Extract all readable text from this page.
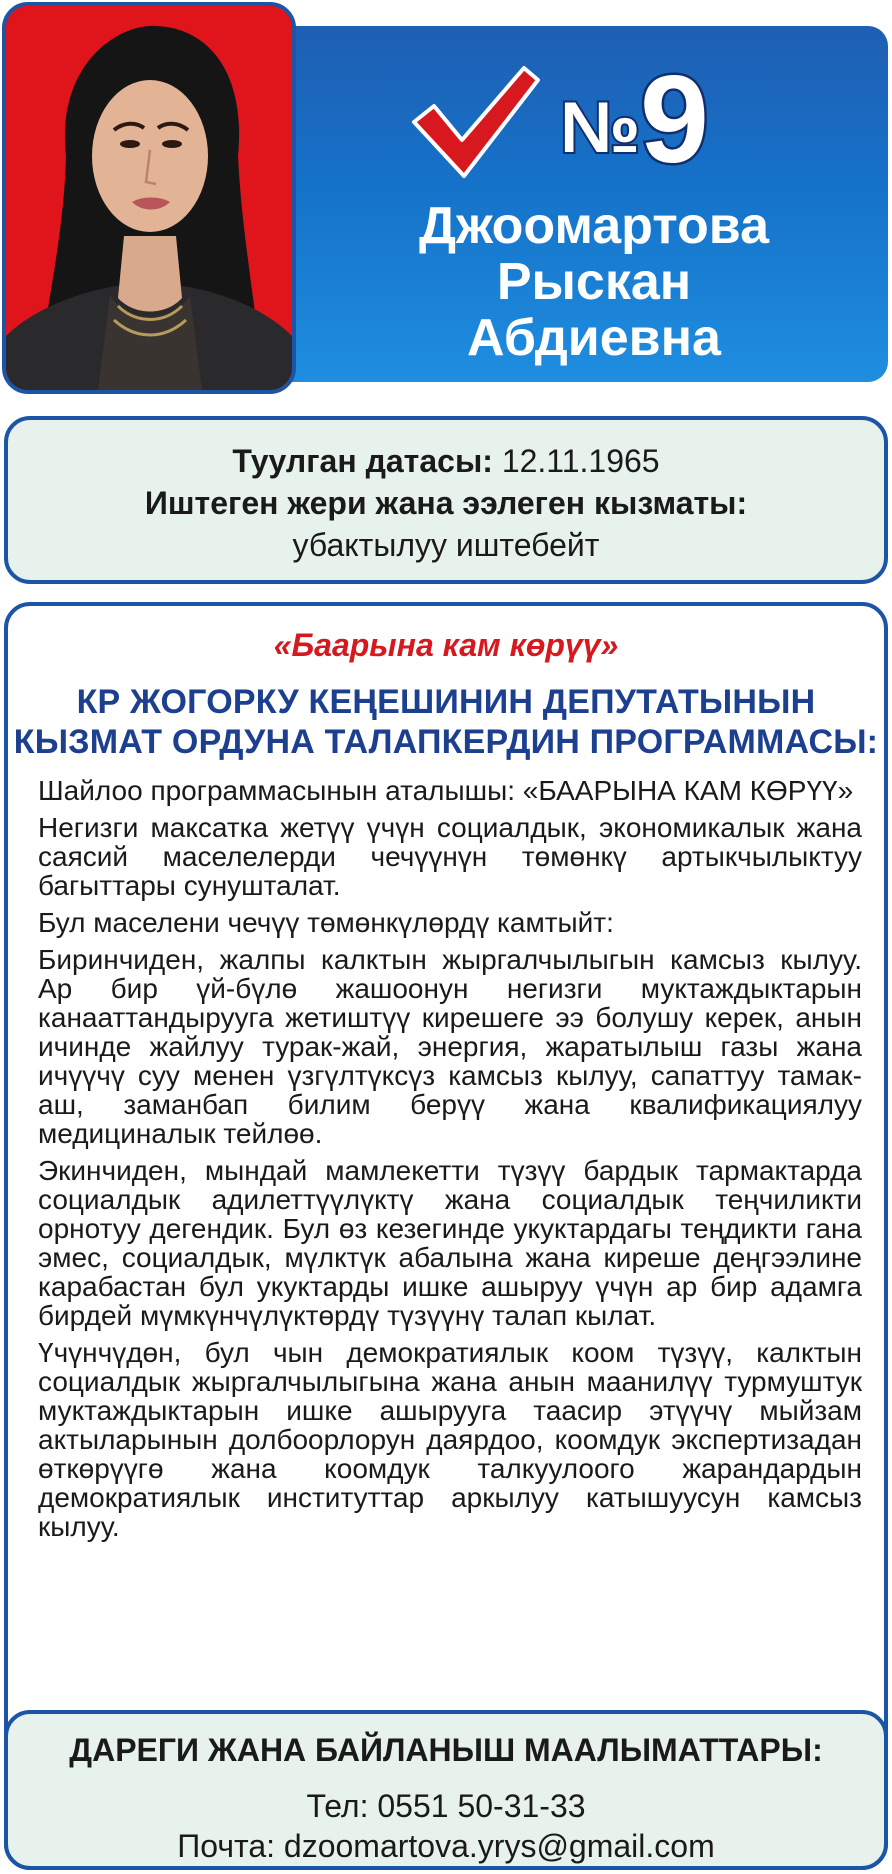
№ 9
Джоомартова
Рыскан
Абдиевна
Туулган датасы: 12.11.1965
Иштеген жери жана ээлеген кызматы:
убактылуу иштебейт
«Баарына кам көрүү»
КР ЖОГОРКУ КЕҢЕШИНИН ДЕПУТАТЫНЫН
КЫЗМАТ ОРДУНА ТАЛАПКЕРДИН ПРОГРАММАСЫ:

Шайлоо программасынын аталышы: «БААРЫНА КАМ КӨРҮҮ»

Негизги максатка жетүү үчүн социалдык, экономикалык жана саясий маселелерди чечүүнүн төмөнкү артыкчылыктуу багыттары сунушталат.

Бул маселени чечүү төмөнкүлөрдү камтыйт:

Биринчиден, жалпы калктын жыргалчылыгын камсыз кылуу. Ар бир үй-бүлө жашоонун негизги муктаждыктарын канааттандырууга жетиштүү кирешеге ээ болушу керек, анын ичинде жайлуу турак-жай, энергия, жаратылыш газы жана ичүүчү суу менен үзгүлтүксүз камсыз кылуу, сапаттуу тамак-аш, заманбап билим берүү жана квалификациялуу медициналык тейлөө.

Экинчиден, мындай мамлекетти түзүү бардык тармактарда социалдык адилеттүүлүктү жана социалдык теңчиликти орнотуу дегендик. Бул өз кезегинде укуктардагы теңдикти гана эмес, социалдык, мүлктүк абалына жана киреше деңгээлине карабастан бул укуктарды ишке ашыруу үчүн ар бир адамга бирдей мүмкүнчүлүктөрдү түзүүнү талап кылат.

Үчүнчүдөн, бул чын демократиялык коом түзүү, калктын социалдык жыргалчылыгына жана анын маанилүү турмуштук муктаждыктарын ишке ашырууга таасир этүүчү мыйзам актыларынын долбоорлорун даярдоо, коомдук экспертизадан өткөрүүгө жана коомдук талкуулоого жарандардын демократиялык институттар аркылуу катышуусун камсыз кылуу.

ДАРЕГИ ЖАНА БАЙЛАНЫШ МААЛЫМАТТАРЫ:
Тел: 0551 50-31-33
Почта: dzoomartova.yrys@gmail.com
